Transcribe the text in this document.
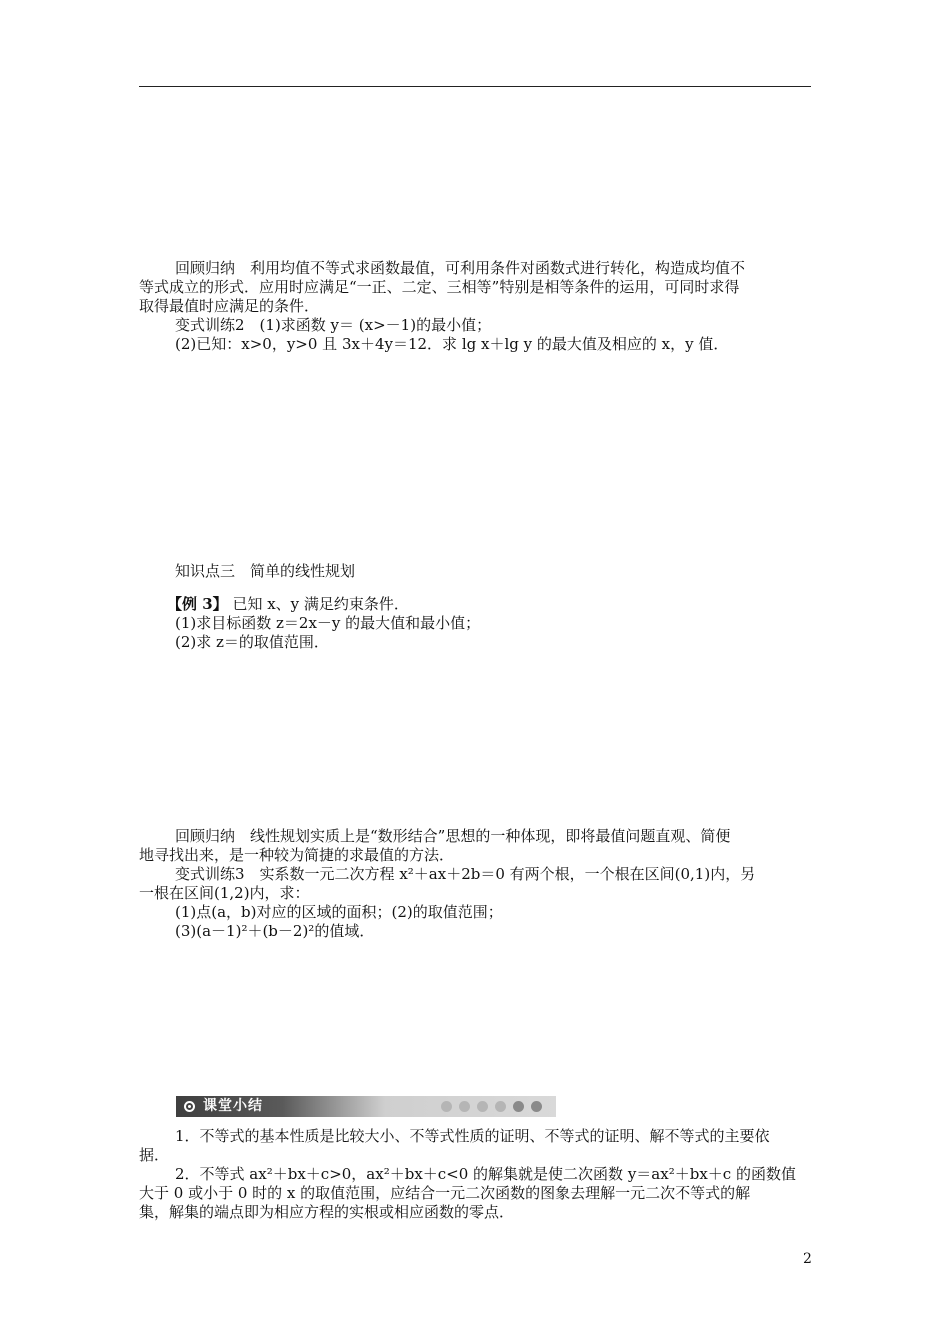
回顾归纳　利用均值不等式求函数最值，可利用条件对函数式进行转化，构造成均值不

等式成立的形式．应用时应满足“一正、二定、三相等”特别是相等条件的运用，可同时求得

取得最值时应满足的条件．

变式训练2　(1)求函数 y＝ (x>－1)的最小值；

(2)已知：x>0，y>0 且 3x＋4y＝12．求 lg x＋lg y 的最大值及相应的 x，y 值．

知识点三　简单的线性规划

【例 3】 已知 x、y 满足约束条件．

(1)求目标函数 z＝2x－y 的最大值和最小值；

(2)求 z＝的取值范围．

回顾归纳　线性规划实质上是“数形结合”思想的一种体现，即将最值问题直观、简便

地寻找出来，是一种较为简捷的求最值的方法．

变式训练3　实系数一元二次方程 x²＋ax＋2b＝0 有两个根，一个根在区间(0,1)内，另

一根在区间(1,2)内，求：

(1)点(a，b)对应的区域的面积；(2)的取值范围；

(3)(a－1)²＋(b－2)²的值域．

课堂小结

1．不等式的基本性质是比较大小、不等式性质的证明、不等式的证明、解不等式的主要依

据．

2．不等式 ax²＋bx＋c>0，ax²＋bx＋c<0 的解集就是使二次函数 y＝ax²＋bx＋c 的函数值

大于 0 或小于 0 时的 x 的取值范围，应结合一元二次函数的图象去理解一元二次不等式的解

集，解集的端点即为相应方程的实根或相应函数的零点．

2
